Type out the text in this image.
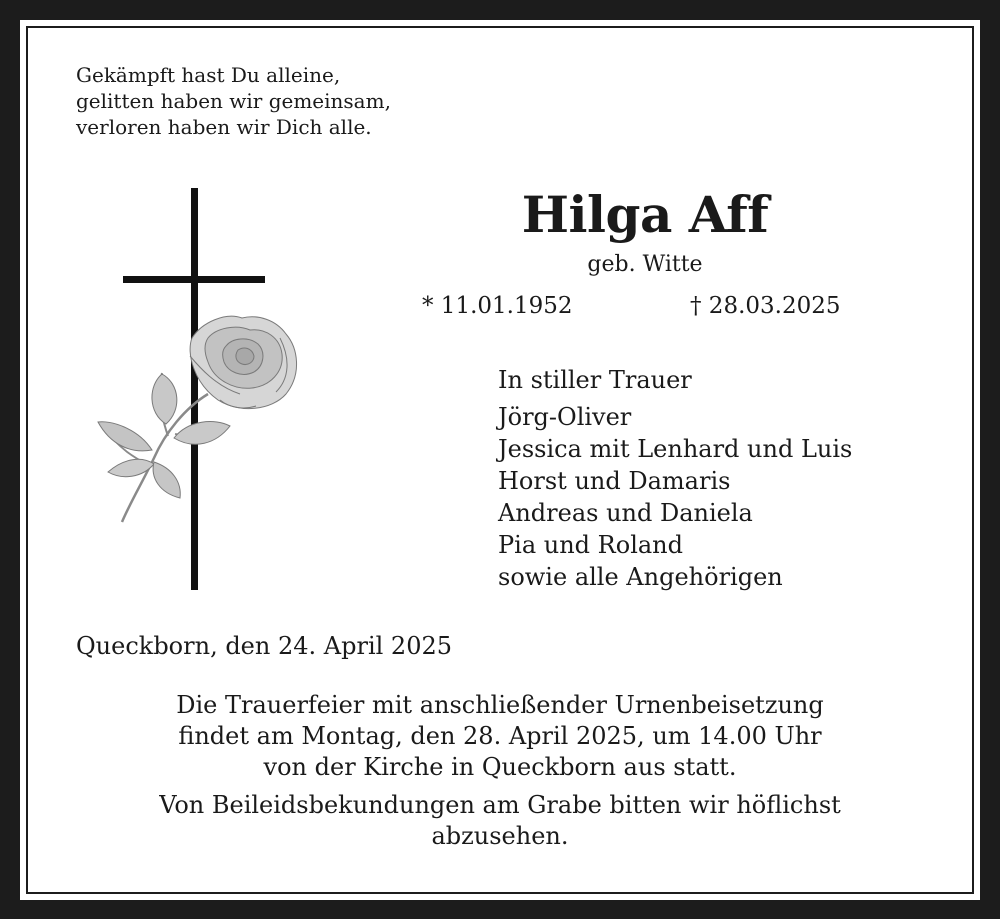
Gekämpft hast Du alleine,
gelitten haben wir gemeinsam,
verloren haben wir Dich alle.
Hilga Aff
geb. Witte
* 11.01.1952	† 28.03.2025
In stiller Trauer
Jörg-Oliver
Jessica mit Lenhard und Luis
Horst und Damaris
Andreas und Daniela
Pia und Roland
sowie alle Angehörigen
Queckborn, den 24. April 2025
Die Trauerfeier mit anschließender Urnenbeisetzung
findet am Montag, den 28. April 2025, um 14.00 Uhr
von der Kirche in Queckborn aus statt.
Von Beileidsbekundungen am Grabe bitten wir höflichst
abzusehen.
